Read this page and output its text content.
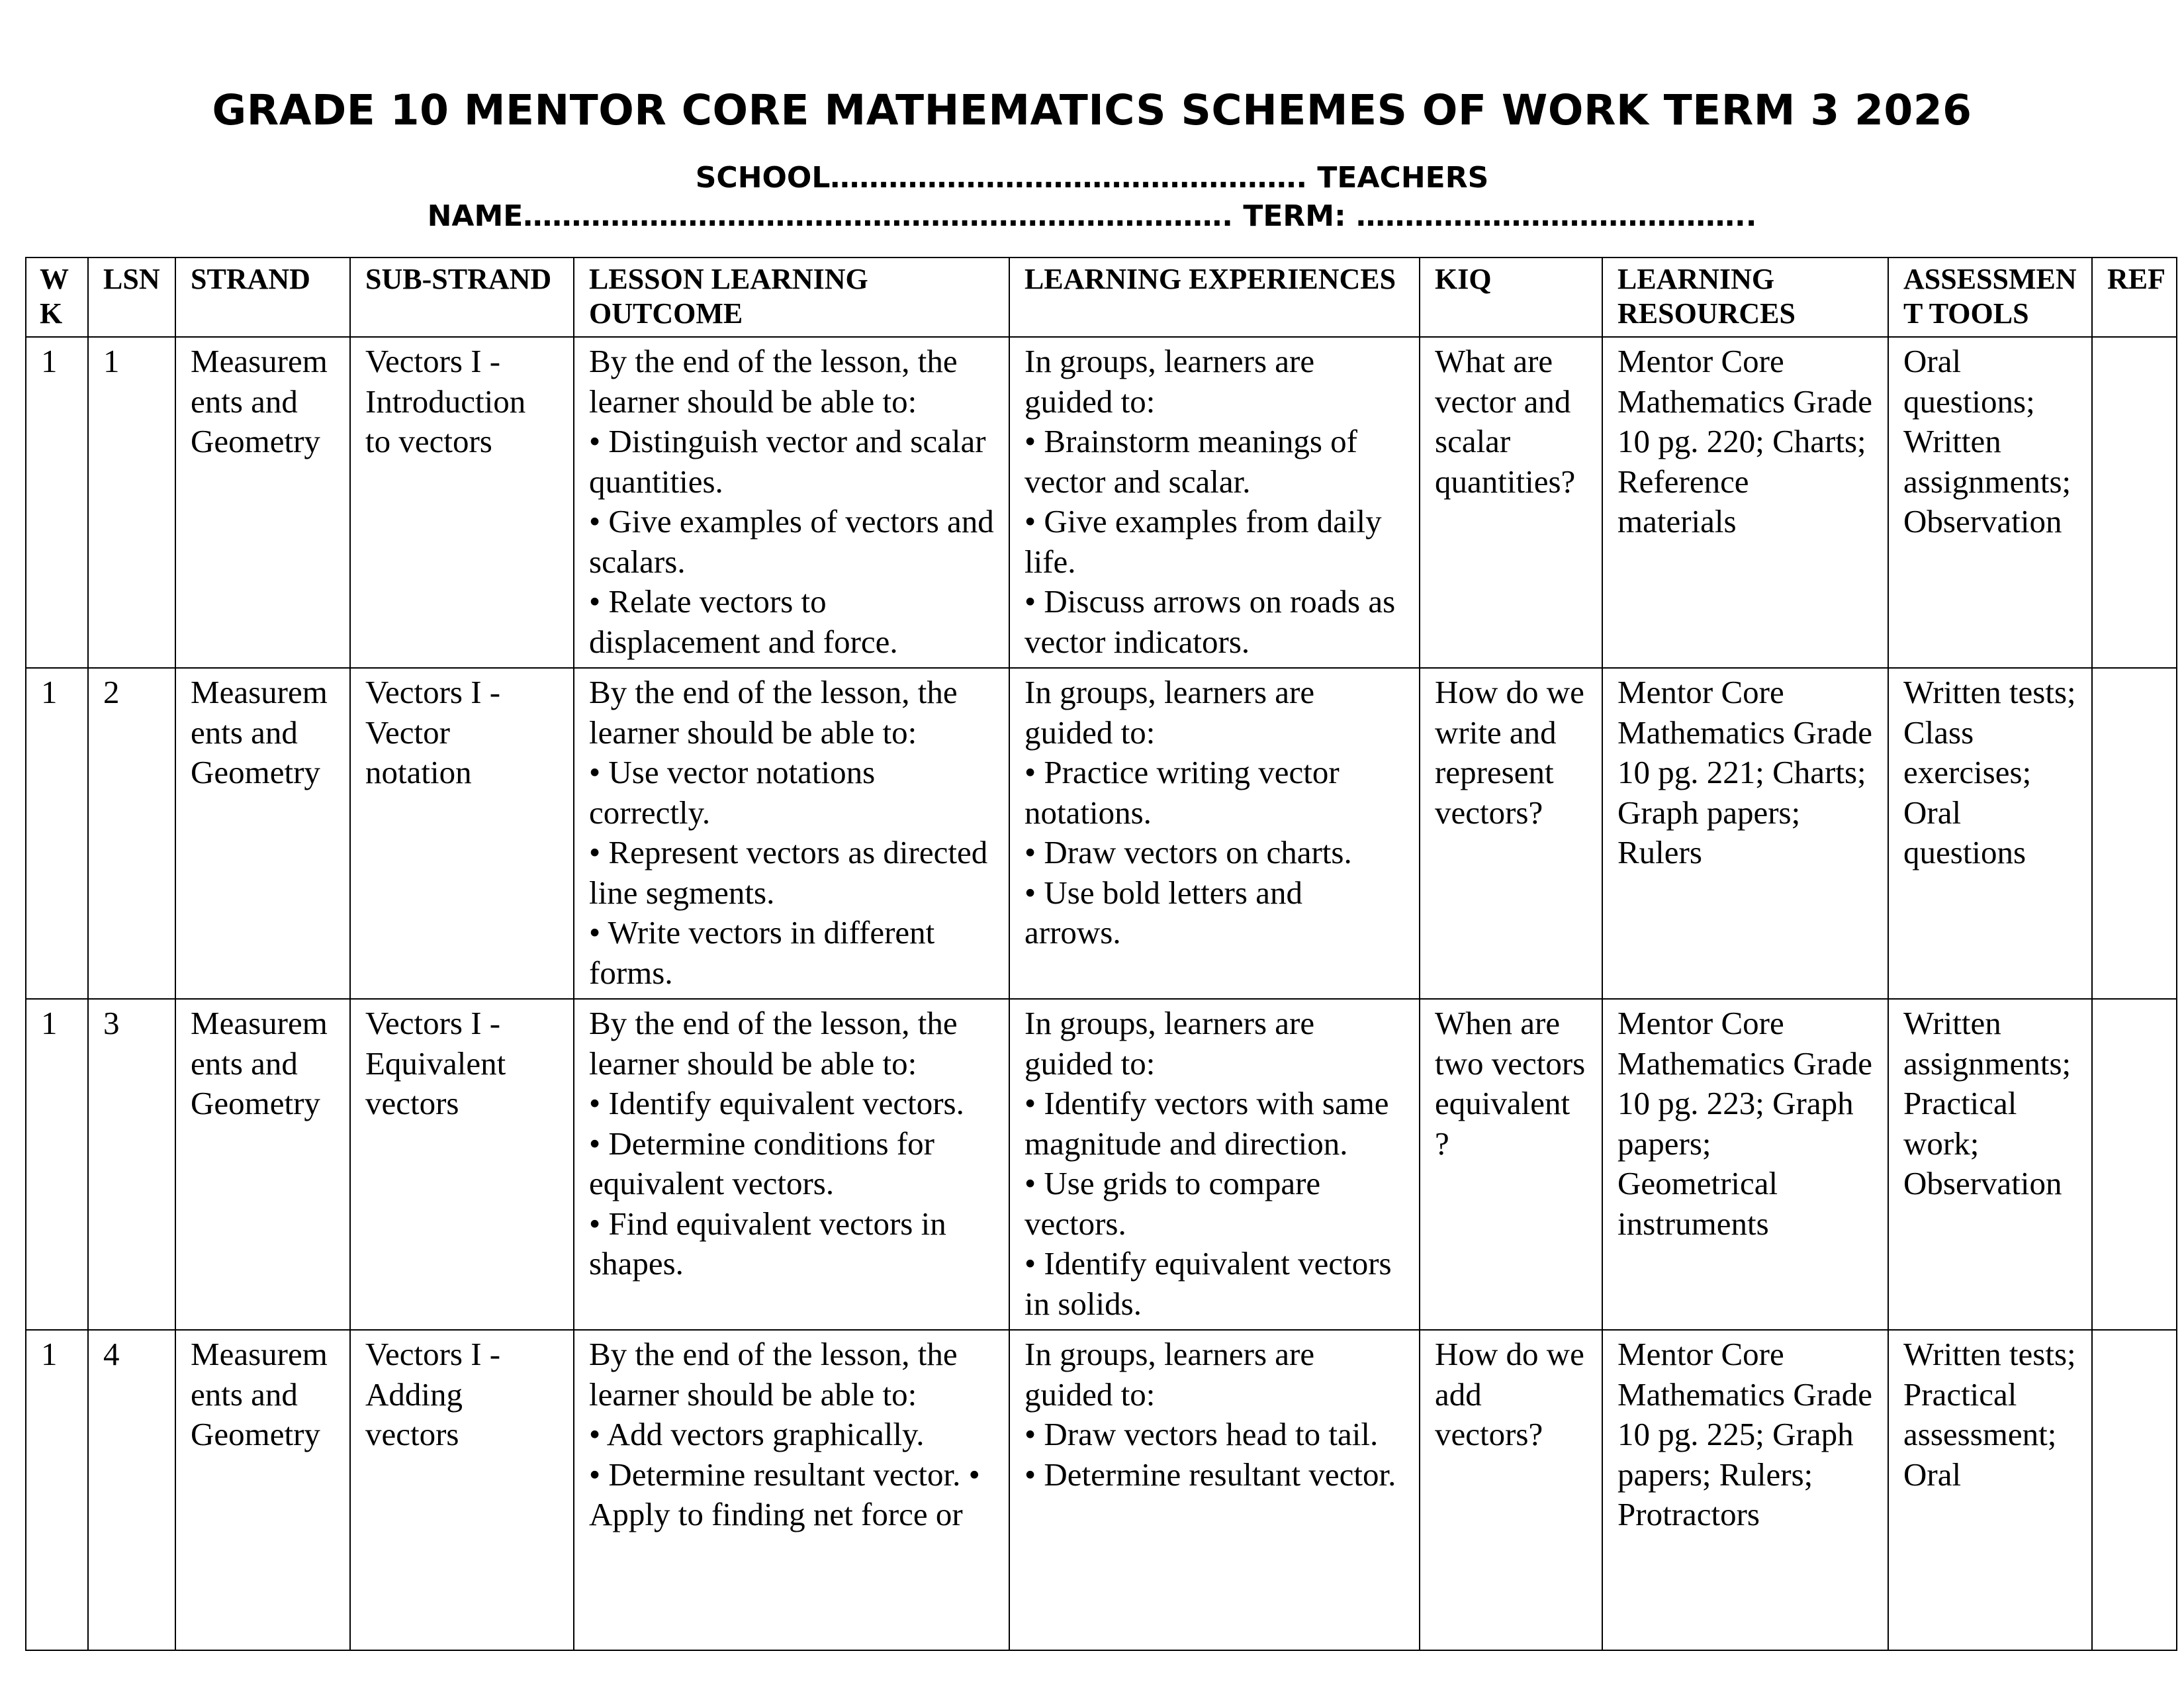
GRADE 10 MENTOR CORE MATHEMATICS SCHEMES OF WORK TERM 3 2026
SCHOOL…………………………………………. TEACHERS
NAME………………………………………………………………. TERM: …………………………………..
W
K	LSN	STRAND	SUB-STRAND	LESSON LEARNING OUTCOME	LEARNING EXPERIENCES	KIQ	LEARNING RESOURCES	ASSESSMEN T TOOLS	REF
1	1	Measurem ents and Geometry	Vectors I - Introduction to vectors	By the end of the lesson, the learner should be able to:
• Distinguish vector and scalar quantities.
• Give examples of vectors and scalars.
• Relate vectors to displacement and force.	In groups, learners are guided to:
• Brainstorm meanings of vector and scalar.
• Give examples from daily life.
• Discuss arrows on roads as vector indicators.	What are vector and scalar quantities?	Mentor Core Mathematics Grade 10 pg. 220; Charts; Reference materials	Oral questions; Written assignments; Observation	
1	2	Measurem ents and Geometry	Vectors I - Vector notation	By the end of the lesson, the learner should be able to:
• Use vector notations correctly.
• Represent vectors as directed line segments.
• Write vectors in different forms.	In groups, learners are guided to:
• Practice writing vector notations.
• Draw vectors on charts.
• Use bold letters and arrows.	How do we write and represent vectors?	Mentor Core Mathematics Grade 10 pg. 221; Charts; Graph papers; Rulers	Written tests; Class exercises; Oral questions	
1	3	Measurem ents and Geometry	Vectors I - Equivalent vectors	By the end of the lesson, the learner should be able to:
• Identify equivalent vectors.
• Determine conditions for equivalent vectors.
• Find equivalent vectors in shapes.	In groups, learners are guided to:
• Identify vectors with same magnitude and direction.
• Use grids to compare vectors.
• Identify equivalent vectors in solids.	When are two vectors equivalent ?	Mentor Core Mathematics Grade 10 pg. 223; Graph papers; Geometrical instruments	Written assignments; Practical work; Observation	
1	4	Measurem ents and Geometry	Vectors I - Adding vectors	By the end of the lesson, the learner should be able to:
• Add vectors graphically.
• Determine resultant vector. • Apply to finding net force or	In groups, learners are guided to:
• Draw vectors head to tail.
• Determine resultant vector.	How do we add vectors?	Mentor Core Mathematics Grade 10 pg. 225; Graph papers; Rulers; Protractors	Written tests; Practical assessment; Oral	
